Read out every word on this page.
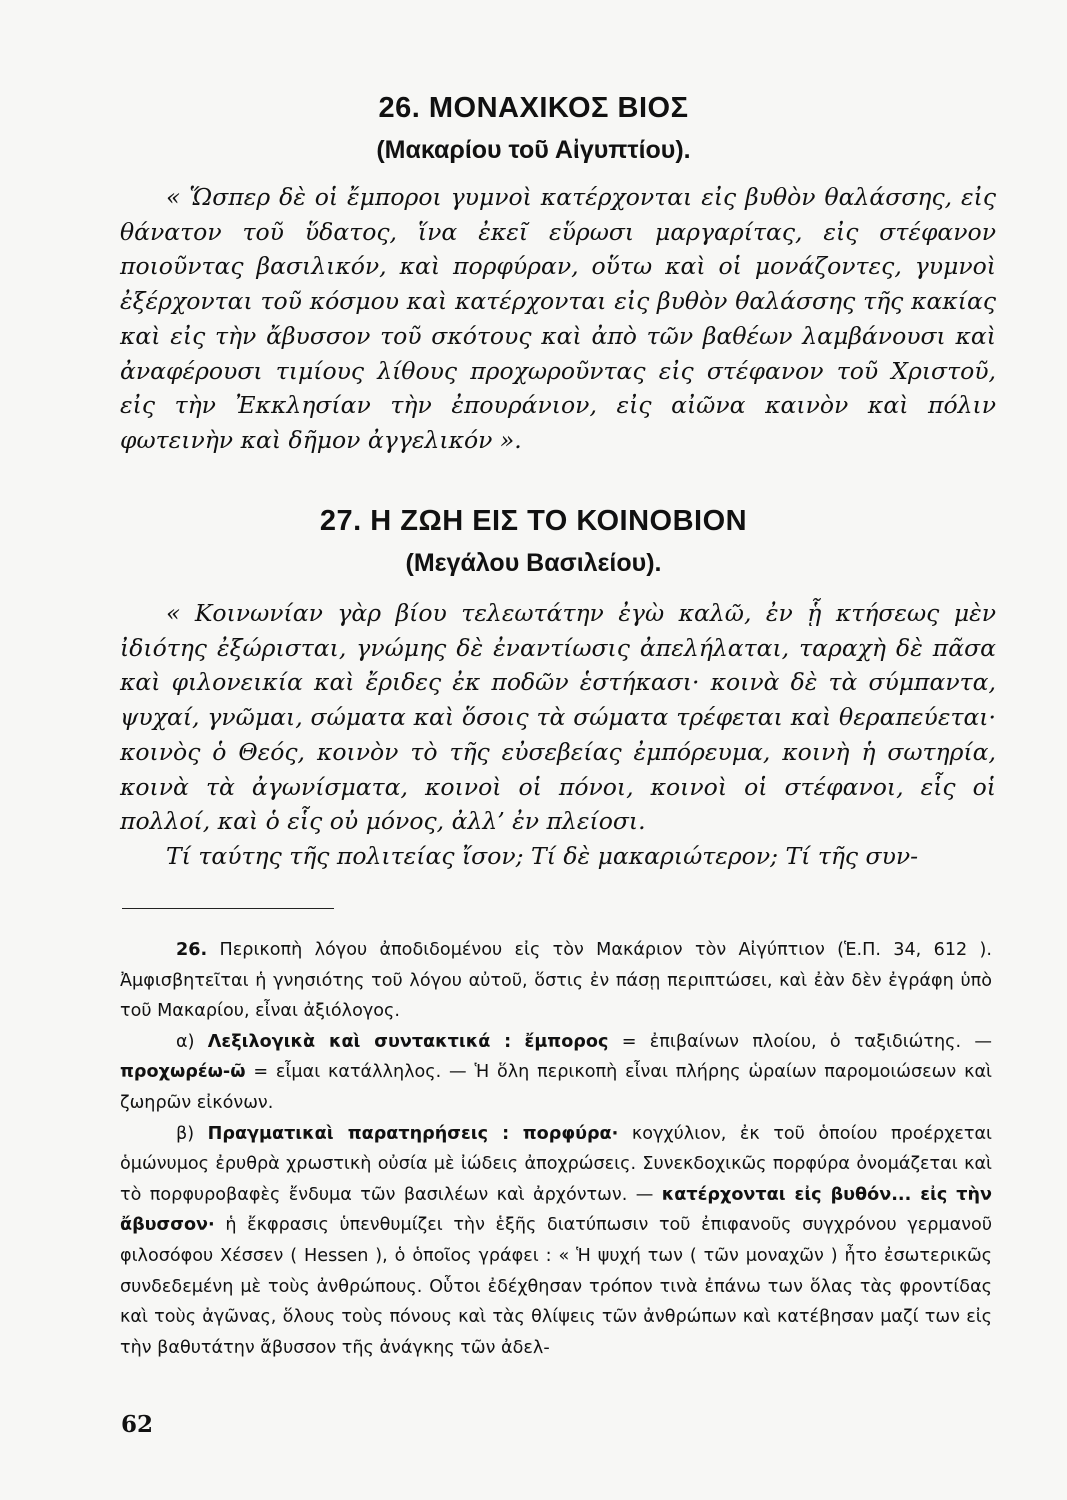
26. ΜΟΝΑΧΙΚΟΣ ΒΙΟΣ
(Μακαρίου τοῦ Αἰγυπτίου).

« Ὥσπερ δὲ οἱ ἔμποροι γυμνοὶ κατέρχονται εἰς βυθὸν θαλάσσης, εἰς θάνατον τοῦ ὕδατος, ἵνα ἐκεῖ εὕρωσι μαργαρίτας, εἰς στέφανον ποιοῦντας βασιλικόν, καὶ πορφύραν, οὕτω καὶ οἱ μονάζοντες, γυμνοὶ ἐξέρχονται τοῦ κόσμου καὶ κατέρχονται εἰς βυθὸν θαλάσσης τῆς κακίας καὶ εἰς τὴν ἄβυσσον τοῦ σκότους καὶ ἀπὸ τῶν βαθέων λαμβάνουσι καὶ ἀναφέρουσι τιμίους λίθους προχωροῦντας εἰς στέφανον τοῦ Χριστοῦ, εἰς τὴν Ἐκκλησίαν τὴν ἐπουράνιον, εἰς αἰῶνα καινὸν καὶ πόλιν φωτεινὴν καὶ δῆμον ἀγγελικόν ».

27. Η ΖΩΗ ΕΙΣ ΤΟ ΚΟΙΝΟΒΙΟΝ
(Μεγάλου Βασιλείου).

« Κοινωνίαν γὰρ βίου τελεωτάτην ἐγὼ καλῶ, ἐν ᾗ κτήσεως μὲν ἰδιότης ἐξώρισται, γνώμης δὲ ἐναντίωσις ἀπελήλαται, ταραχὴ δὲ πᾶσα καὶ φιλονεικία καὶ ἔριδες ἐκ ποδῶν ἑστήκασι· κοινὰ δὲ τὰ σύμπαντα, ψυχαί, γνῶμαι, σώματα καὶ ὅσοις τὰ σώματα τρέφεται καὶ θεραπεύεται· κοινὸς ὁ Θεός, κοινὸν τὸ τῆς εὐσεβείας ἐμπόρευμα, κοινὴ ἡ σωτηρία, κοινὰ τὰ ἀγωνίσματα, κοινοὶ οἱ πόνοι, κοινοὶ οἱ στέφανοι, εἷς οἱ πολλοί, καὶ ὁ εἷς οὐ μόνος, ἀλλ’ ἐν πλείοσι.

Τί ταύτης τῆς πολιτείας ἴσον; Τί δὲ μακαριώτερον; Τί τῆς συν-

26. Περικοπὴ λόγου ἀποδιδομένου εἰς τὸν Μακάριον τὸν Αἰγύπτιον (Ἑ.Π. 34, 612 ). Ἀμφισβητεῖται ἡ γνησιότης τοῦ λόγου αὐτοῦ, ὅστις ἐν πάσῃ περιπτώσει, καὶ ἐὰν δὲν ἐγράφη ὑπὸ τοῦ Μακαρίου, εἶναι ἀξιόλογος.

α) Λεξιλογικὰ καὶ συντακτικά : ἔμπορος = ἐπιβαίνων πλοίου, ὁ ταξιδιώτης. — προχωρέω-ῶ = εἶμαι κατάλληλος. — Ἡ ὅλη περικοπὴ εἶναι πλήρης ὡραίων παρομοιώσεων καὶ ζωηρῶν εἰκόνων.

β) Πραγματικαὶ παρατηρήσεις : πορφύρα· κογχύλιον, ἐκ τοῦ ὁποίου προέρχεται ὁμώνυμος ἐρυθρὰ χρωστικὴ οὐσία μὲ ἰώδεις ἀποχρώσεις. Συνεκδοχικῶς πορφύρα ὀνομάζεται καὶ τὸ πορφυροβαφὲς ἔνδυμα τῶν βασιλέων καὶ ἀρχόντων. — κατέρχονται εἰς βυθόν... εἰς τὴν ἄβυσσον· ἡ ἔκφρασις ὑπενθυμίζει τὴν ἑξῆς διατύπωσιν τοῦ ἐπιφανοῦς συγχρόνου γερμανοῦ φιλοσόφου Χέσσεν ( Hessen ), ὁ ὁποῖος γράφει : « Ἡ ψυχή των ( τῶν μοναχῶν ) ἦτο ἐσωτερικῶς συνδεδεμένη μὲ τοὺς ἀνθρώπους. Οὗτοι ἐδέχθησαν τρόπον τινὰ ἐπάνω των ὅλας τὰς φροντίδας καὶ τοὺς ἀγῶνας, ὅλους τοὺς πόνους καὶ τὰς θλίψεις τῶν ἀνθρώπων καὶ κατέβησαν μαζί των εἰς τὴν βαθυτάτην ἄβυσσον τῆς ἀνάγκης τῶν ἀδελ-

62
